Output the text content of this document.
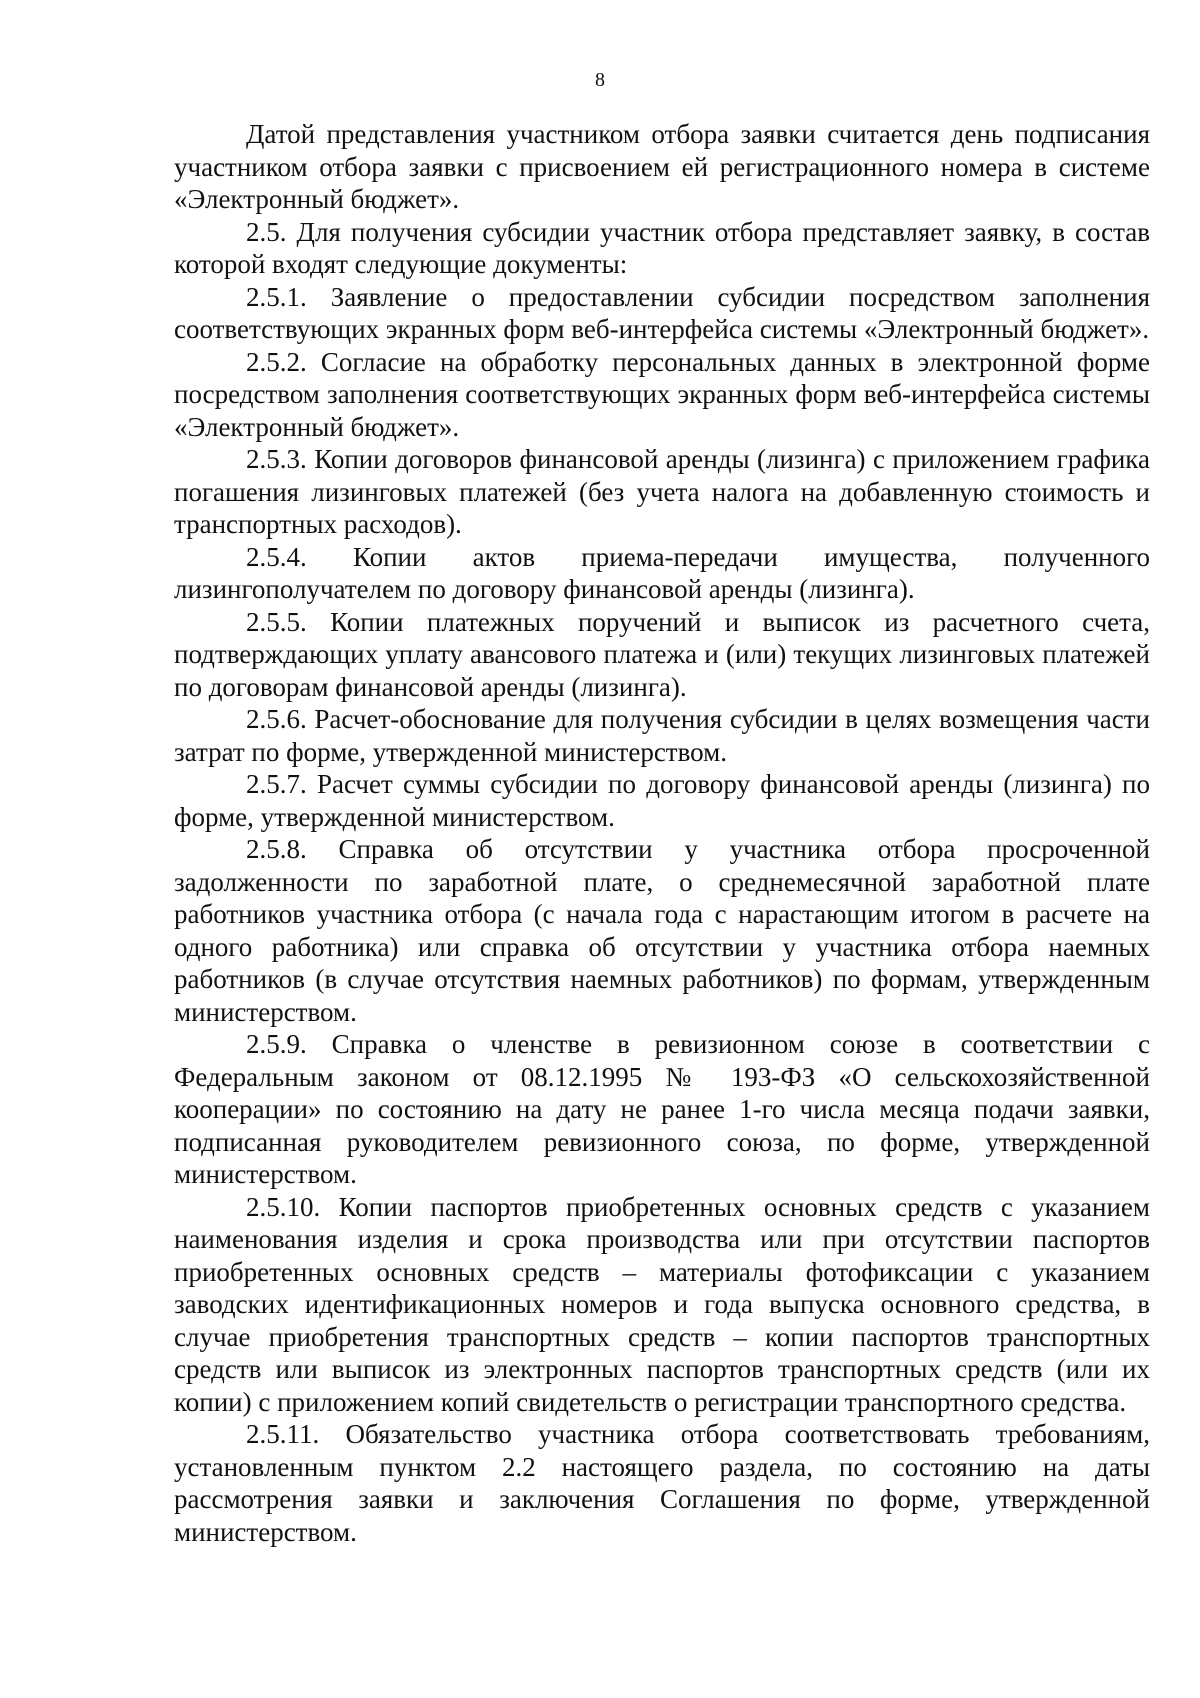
8

Датой представления участником отбора заявки считается день подписания участником отбора заявки с присвоением ей регистрационного номера в системе «Электронный бюджет».

2.5. Для получения субсидии участник отбора представляет заявку, в состав которой входят следующие документы:

2.5.1. Заявление о предоставлении субсидии посредством заполнения соответствующих экранных форм веб-интерфейса системы «Электронный бюджет».

2.5.2. Согласие на обработку персональных данных в электронной форме посредством заполнения соответствующих экранных форм веб-интерфейса системы «Электронный бюджет».

2.5.3. Копии договоров финансовой аренды (лизинга) с приложением графика погашения лизинговых платежей (без учета налога на добавленную стоимость и транспортных расходов).

2.5.4. Копии актов приема-передачи имущества, полученного лизингополучателем по договору финансовой аренды (лизинга).

2.5.5. Копии платежных поручений и выписок из расчетного счета, подтверждающих уплату авансового платежа и (или) текущих лизинговых платежей по договорам финансовой аренды (лизинга).

2.5.6. Расчет-обоснование для получения субсидии в целях возмещения части затрат по форме, утвержденной министерством.

2.5.7. Расчет суммы субсидии по договору финансовой аренды (лизинга) по форме, утвержденной министерством.

2.5.8. Справка об отсутствии у участника отбора просроченной задолженности по заработной плате, о среднемесячной заработной плате работников участника отбора (с начала года с нарастающим итогом в расчете на одного работника) или справка об отсутствии у участника отбора наемных работников (в случае отсутствия наемных работников) по формам, утвержденным министерством.

2.5.9. Справка о членстве в ревизионном союзе в соответствии с Федеральным законом от 08.12.1995 № 193-ФЗ «О сельскохозяйственной кооперации» по состоянию на дату не ранее 1-го числа месяца подачи заявки, подписанная руководителем ревизионного союза, по форме, утвержденной министерством.

2.5.10. Копии паспортов приобретенных основных средств с указанием наименования изделия и срока производства или при отсутствии паспортов приобретенных основных средств – материалы фотофиксации с указанием заводских идентификационных номеров и года выпуска основного средства, в случае приобретения транспортных средств – копии паспортов транспортных средств или выписок из электронных паспортов транспортных средств (или их копии) с приложением копий свидетельств о регистрации транспортного средства.

2.5.11. Обязательство участника отбора соответствовать требованиям, установленным пунктом 2.2 настоящего раздела, по состоянию на даты рассмотрения заявки и заключения Соглашения по форме, утвержденной министерством.
